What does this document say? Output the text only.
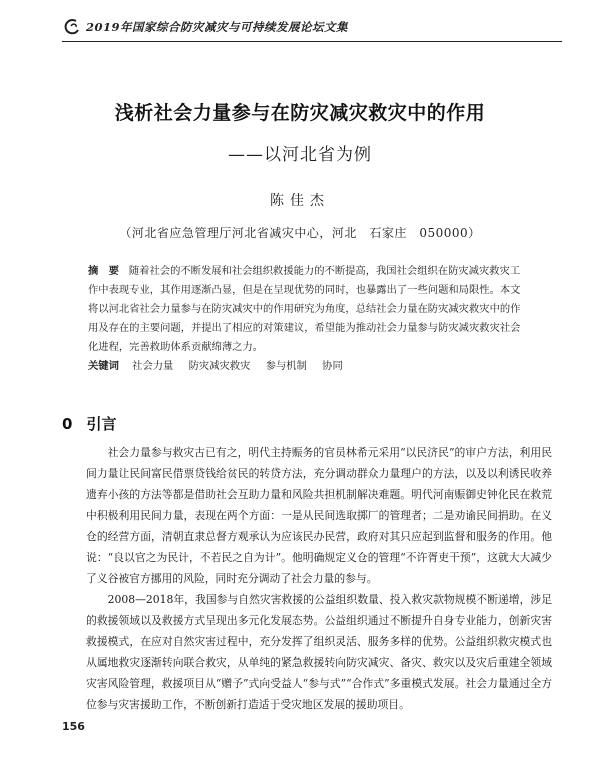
2019年国家综合防灾减灾与可持续发展论坛文集
浅析社会力量参与在防灾减灾救灾中的作用
——以河北省为例
陈佳杰
（河北省应急管理厅河北省减灾中心，河北　石家庄　050000）
摘　要 随着社会的不断发展和社会组织救援能力的不断提高，我国社会组织在防灾减灾救灾工作中表现专业，其作用逐渐凸显，但是在呈现优势的同时，也暴露出了一些问题和局限性。本文将以河北省社会力量参与在防灾减灾中的作用研究为角度，总结社会力量在防灾减灾救灾中的作用及存在的主要问题，并提出了相应的对策建议，希望能为推动社会力量参与防灾减灾救灾社会化进程，完善救助体系贡献绵薄之力。
关键词 社会力量 防灾减灾救灾 参与机制 协同
0 引言

社会力量参与救灾古已有之，明代主持赈务的官员林希元采用“以民济民”的审户方法，利用民间力量让民间富民借票贷钱给贫民的转贷方法，充分调动群众力量理户的方法，以及以利诱民收养遗弃小孩的方法等都是借助社会互助力量和风险共担机制解决难题。明代河南赈御史钟化民在救荒中积极利用民间力量，表现在两个方面：一是从民间选取掷厂的管理者；二是劝谕民间捐助。在义仓的经营方面，清朝直隶总督方观承认为应该民办民营，政府对其只应起到监督和服务的作用。他说：“良以官之为民计，不若民之自为计”。他明确规定义仓的管理“不许胥吏干预”，这就大大减少了义谷被官方挪用的风险，同时充分调动了社会力量的参与。

2008—2018年，我国参与自然灾害救援的公益组织数量、投入救灾款物规模不断递增，涉足的救援领域以及救援方式呈现出多元化发展态势。公益组织通过不断提升自身专业能力，创新灾害救援模式，在应对自然灾害过程中，充分发挥了组织灵活、服务多样的优势。公益组织救灾模式也从属地救灾逐渐转向联合救灾，从单纯的紧急救援转向防灾减灾、备灾、救灾以及灾后重建全领域灾害风险管理，救援项目从“赠予”式向受益人“参与式”“合作式”多重模式发展。社会力量通过全方位参与灾害援助工作，不断创新打造适于受灾地区发展的援助项目。

156
